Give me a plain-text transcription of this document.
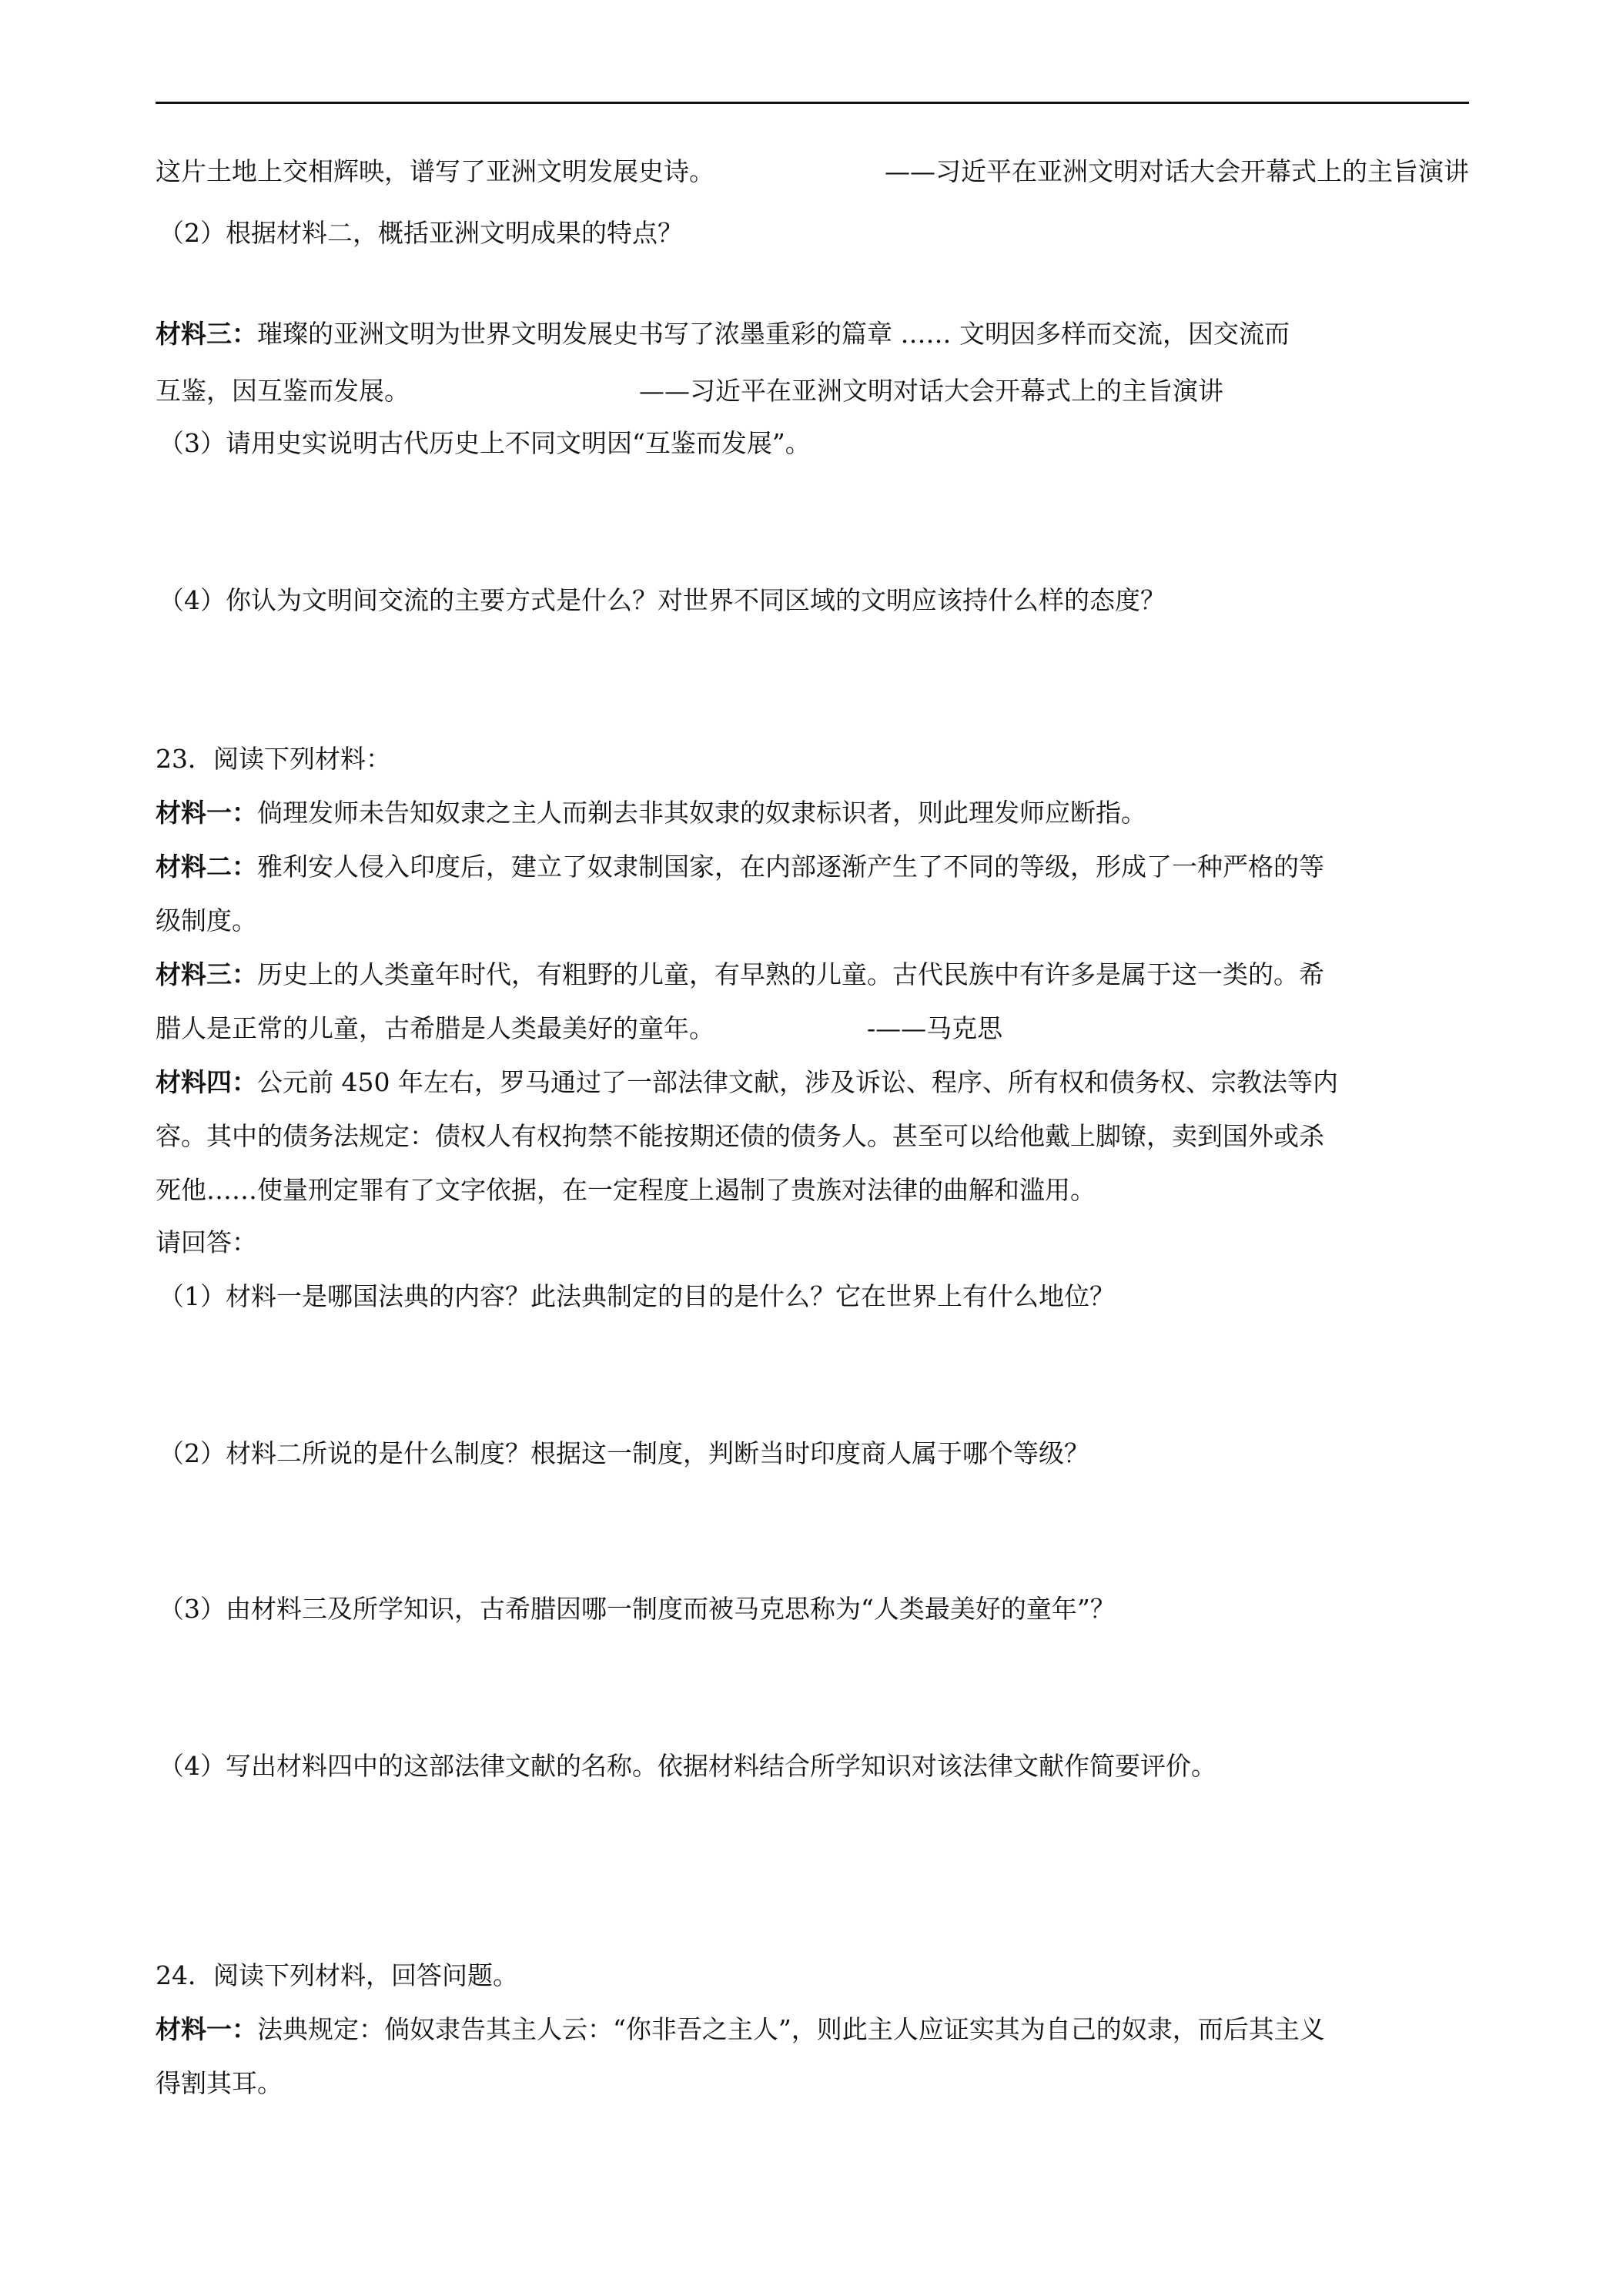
这片土地上交相辉映，谱写了亚洲文明发展史诗。	——习近平在亚洲文明对话大会开幕式上的主旨演讲
（2）根据材料二，概括亚洲文明成果的特点？
材料三：璀璨的亚洲文明为世界文明发展史书写了浓墨重彩的篇章 …… 文明因多样而交流，因交流而
互鉴，因互鉴而发展。	——习近平在亚洲文明对话大会开幕式上的主旨演讲
（3）请用史实说明古代历史上不同文明因“互鉴而发展”。
（4）你认为文明间交流的主要方式是什么？对世界不同区域的文明应该持什么样的态度？
23．阅读下列材料：
材料一：倘理发师未告知奴隶之主人而剃去非其奴隶的奴隶标识者，则此理发师应断指。
材料二：雅利安人侵入印度后，建立了奴隶制国家，在内部逐渐产生了不同的等级，形成了一种严格的等
级制度。
材料三：历史上的人类童年时代，有粗野的儿童，有早熟的儿童。古代民族中有许多是属于这一类的。希
腊人是正常的儿童，古希腊是人类最美好的童年。	-——马克思
材料四：公元前 450 年左右，罗马通过了一部法律文献，涉及诉讼、程序、所有权和债务权、宗教法等内
容。其中的债务法规定：债权人有权拘禁不能按期还债的债务人。甚至可以给他戴上脚镣，卖到国外或杀
死他……使量刑定罪有了文字依据，在一定程度上遏制了贵族对法律的曲解和滥用。
请回答：
（1）材料一是哪国法典的内容？此法典制定的目的是什么？它在世界上有什么地位？
（2）材料二所说的是什么制度？根据这一制度，判断当时印度商人属于哪个等级？
（3）由材料三及所学知识，古希腊因哪一制度而被马克思称为“人类最美好的童年”？
（4）写出材料四中的这部法律文献的名称。依据材料结合所学知识对该法律文献作简要评价。
24．阅读下列材料，回答问题。
材料一：法典规定：倘奴隶告其主人云：“你非吾之主人”，则此主人应证实其为自己的奴隶，而后其主义
得割其耳。
